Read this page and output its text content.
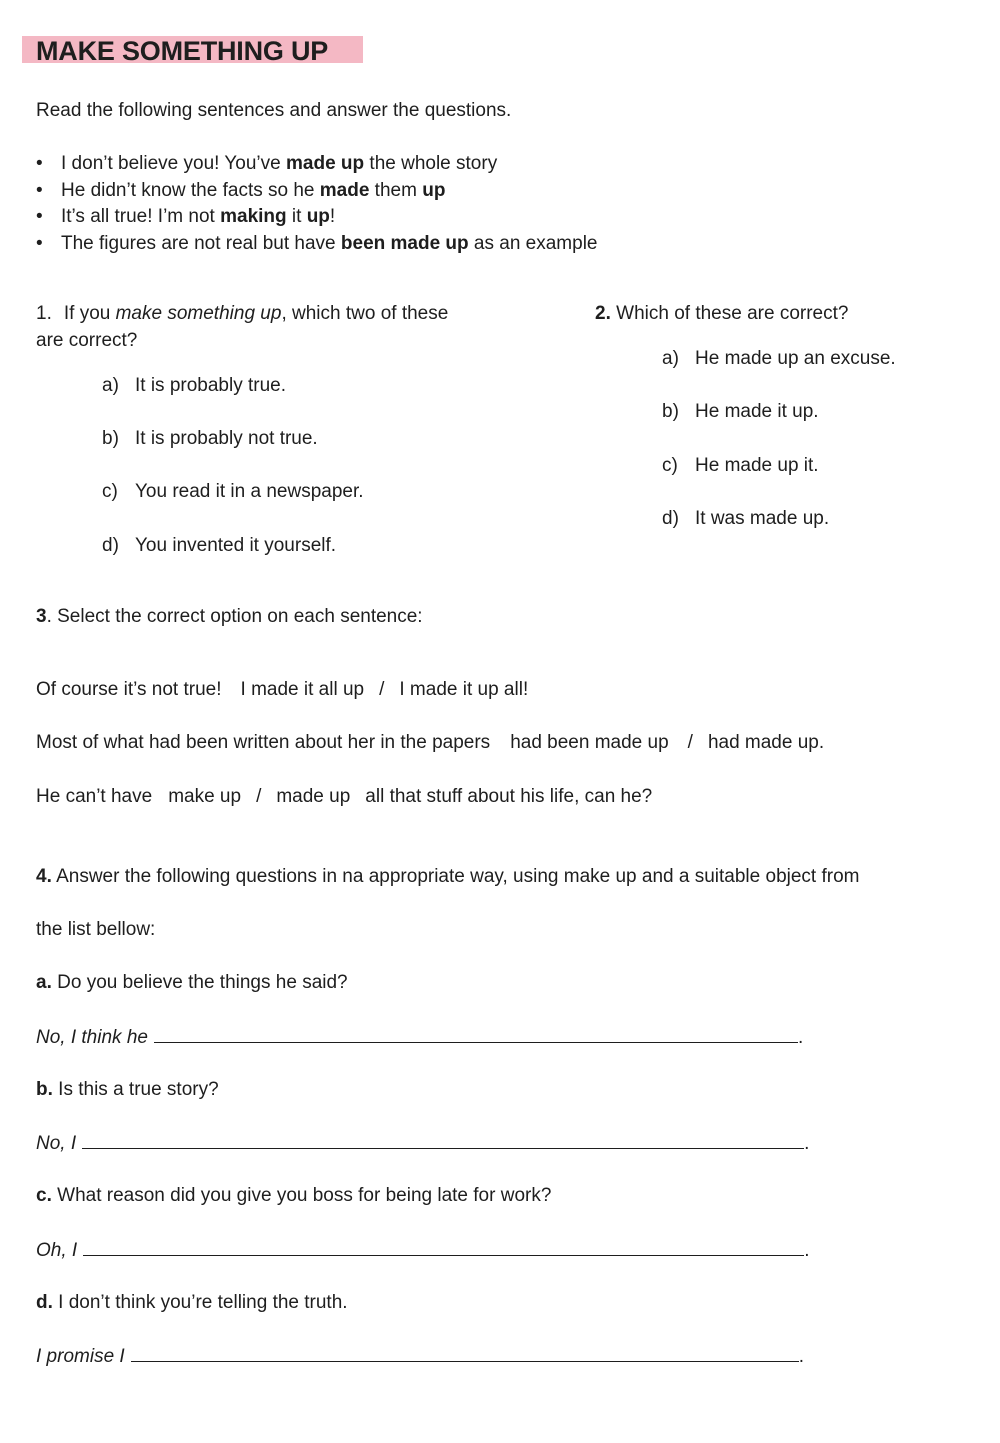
MAKE SOMETHING UP
Read the following sentences and answer the questions.
• I don’t believe you! You’ve made up the whole story
• He didn’t know the facts so he made them up
• It’s all true! I’m not making it up!
• The figures are not real but have been made up as an example
1. If you make something up, which two of these
are correct?
a) It is probably true.
b) It is probably not true.
c) You read it in a newspaper.
d) You invented it yourself.
2. Which of these are correct?
a) He made up an excuse.
b) He made it up.
c) He made up it.
d) It was made up.
3. Select the correct option on each sentence:
Of course it’s not true! I made it all up / I made it up all!
Most of what had been written about her in the papers had been made up / had made up.
He can’t have make up / made up all that stuff about his life, can he?
4. Answer the following questions in na appropriate way, using make up and a suitable object from
the list bellow:
a. Do you believe the things he said?
No, I think he	.
b. Is this a true story?
No, I	.
c. What reason did you give you boss for being late for work?
Oh, I	.
d. I don’t think you’re telling the truth.
I promise I	.
